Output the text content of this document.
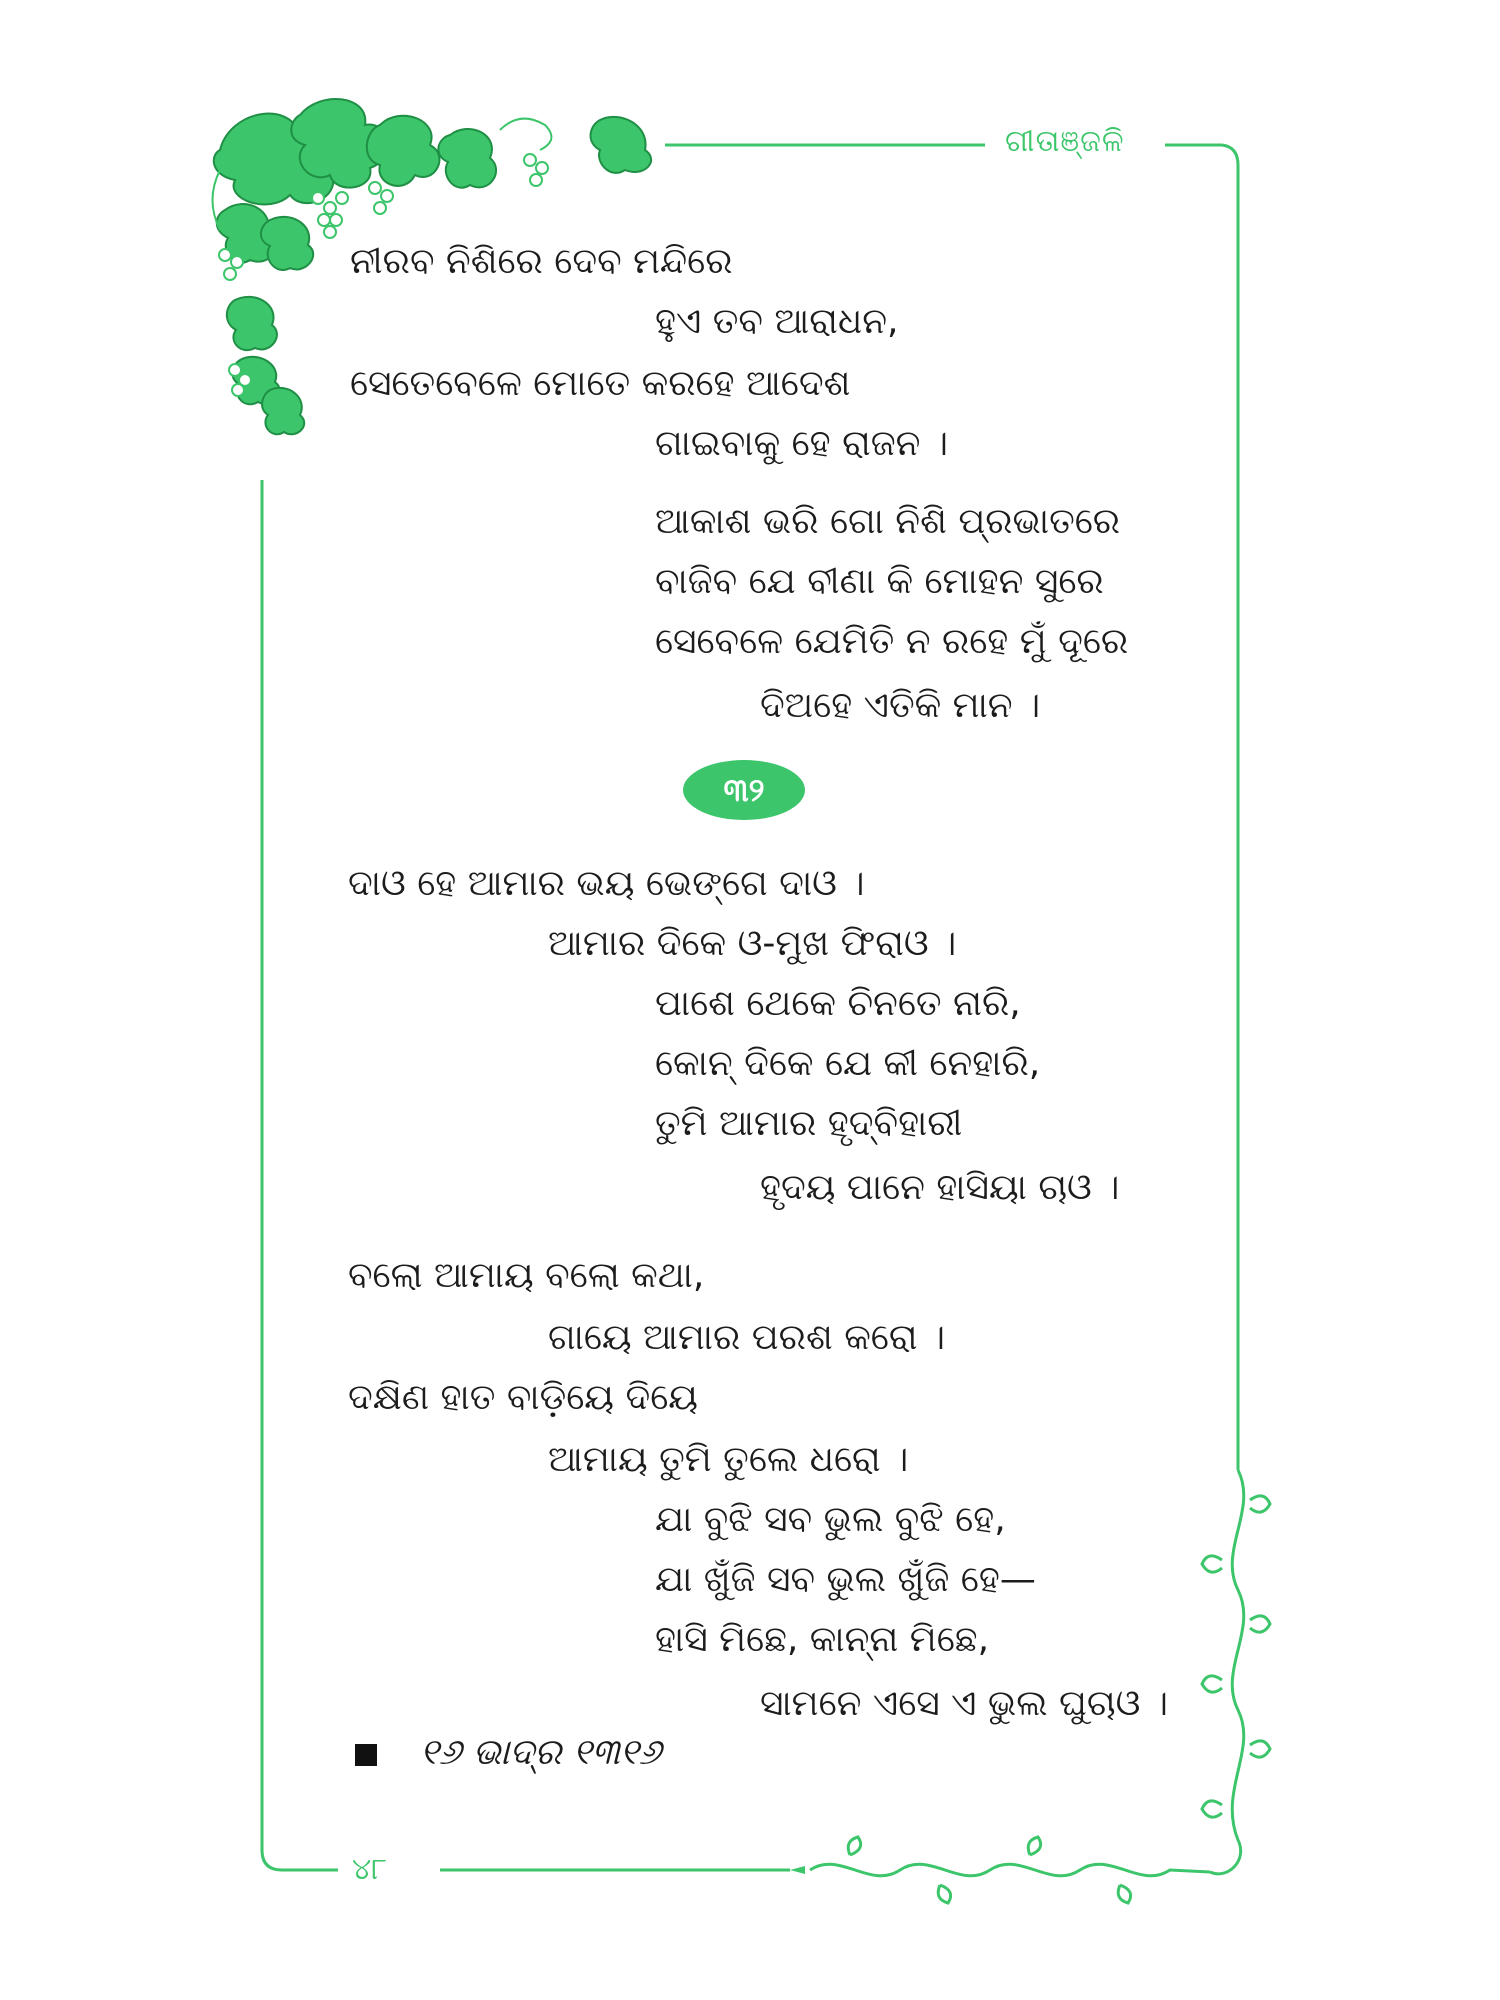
ଗୀତାଞ୍ଜଳି
ନୀରବ ନିଶିରେ ଦେବ ମନ୍ଦିରେ
ହୁଏ ତବ ଆରାଧନ,
ସେତେବେଳେ ମୋତେ କରହେ ଆଦେଶ
ଗାଇବାକୁ ହେ ରାଜନ ।
ଆକାଶ ଭରି ଗୋ ନିଶି ପ୍ରଭାତରେ
ବାଜିବ ଯେ ବୀଣା କି ମୋହନ ସୁରେ
ସେବେଳେ ଯେମିତି ନ ରହେ ମୁଁ ଦୂରେ
ଦିଅହେ ଏତିକି ମାନ ।
୩୨
ଦାଓ ହେ ଆମାର ଭୟ ଭେଙ୍ଗେ ଦାଓ ।
ଆମାର ଦିକେ ଓ-ମୁଖ ଫିରାଓ ।
ପାଶେ ଥେକେ ଚିନତେ ନାରି,
କୋନ୍ ଦିକେ ଯେ କୀ ନେହାରି,
ତୁମି ଆମାର ହୃଦ୍‌ବିହାରୀ
ହୃଦୟ ପାନେ ହାସିୟା ଚାଓ ।
ବଲୋ ଆମାୟ ବଲୋ କଥା,
ଗାୟେ ଆମାର ପରଶ କରୋ ।
ଦକ୍ଷିଣ ହାତ ବାଡ଼ିୟେ ଦିୟେ
ଆମାୟ ତୁମି ତୁଲେ ଧରୋ ।
ଯା ବୁଝି ସବ ଭୁଲ ବୁଝି ହେ,
ଯା ଖୁଁଜି ସବ ଭୁଲ ଖୁଁଜି ହେ—
ହାସି ମିଛେ, କାନ୍ନା ମିଛେ,
ସାମନେ ଏସେ ଏ ଭୁଲ ଘୁଚାଓ ।
୧୬ ଭାଦ୍ର ୧୩୧୬
୪୮
